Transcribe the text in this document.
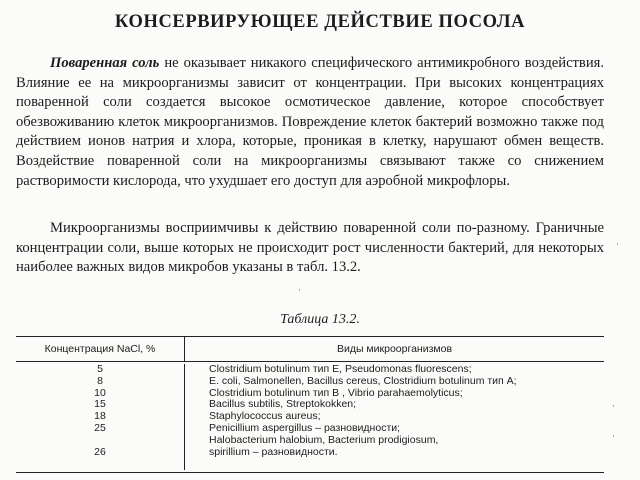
КОНСЕРВИРУЮЩЕЕ ДЕЙСТВИЕ ПОСОЛА

Поваренная соль не оказывает никакого специфического антимикробного воздействия. Влияние ее на микроорганизмы зависит от концентрации. При высоких концентрациях поваренной соли создается высокое осмотическое давление, которое способствует обезвоживанию клеток микроорганизмов. Повреждение клеток бактерий возможно также под действием ионов натрия и хлора, которые, проникая в клетку, нарушают обмен веществ. Воздействие поваренной соли на микроорганизмы связывают также со снижением растворимости кислорода, что ухудшает его доступ для аэробной микрофлоры.

Микроорганизмы восприимчивы к действию поваренной соли по-разному. Граничные концентрации соли, выше которых не происходит рост численности бактерий, для некоторых наиболее важных видов микробов указаны в табл. 13.2.

Таблица 13.2.
Концентрация NaCl, %	Виды микроорганизмов
5
8
10
15
18
25
26
Clostridium botulinum тип E, Pseudomonas fluorescens;
E. coli, Salmonellen, Bacillus cereus, Clostridium botulinum тип A;
Clostridium botulinum тип B , Vibrio parahaemolyticus;
Bacillus subtilis, Streptokokken;
Staphylococcus aureus;
Penicillium aspergillus – разновидности;
Halobacterium halobium, Bacterium prodigiosum,
spirillium – разновидности.
·
·
·
·
